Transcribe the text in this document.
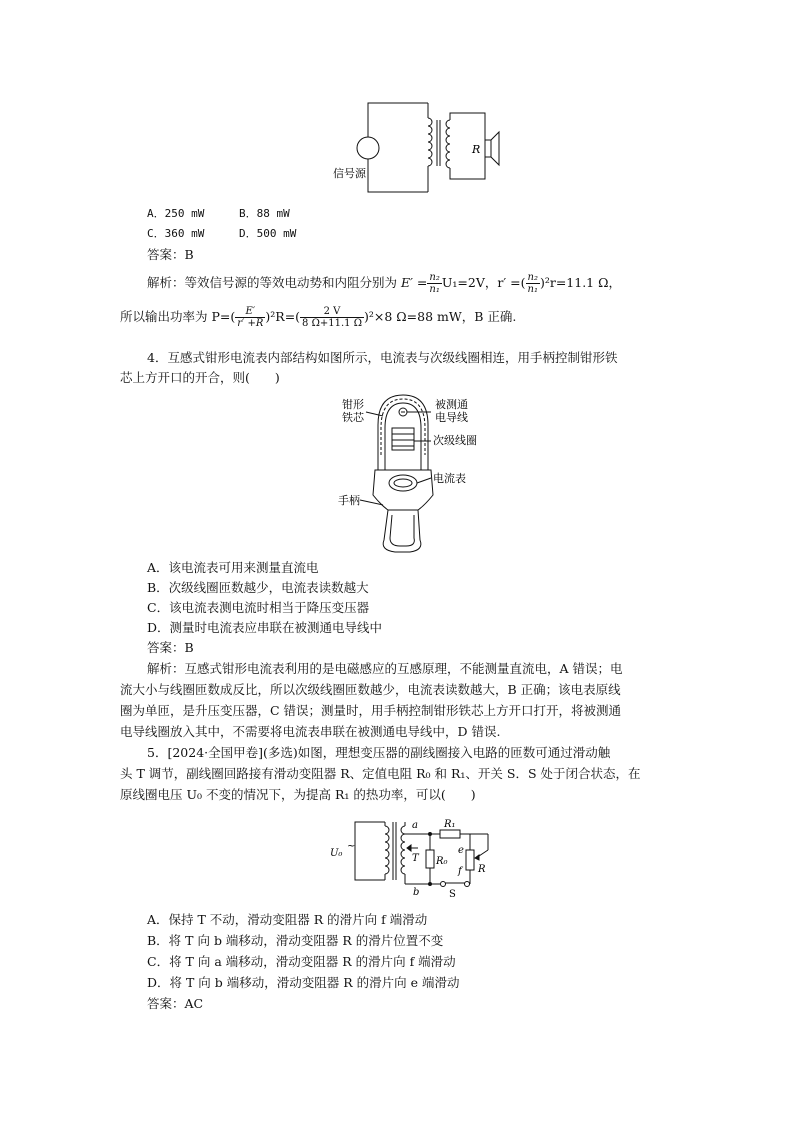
信号源
R
A．250 mW	B．88 mW
C．360 mW	D．500 mW
答案：B
解析：等效信号源的等效电动势和内阻分别为 $E' = \frac{\text{n₂}}{\text{n₁}} U_1=2V$，r′ =( $\frac{\text{n₂}}{\text{n₁}} )^2r=11.1$ Ω，
所以输出功率为 $P=( \frac{E'}{r' +R} )^2R=( \frac{2 V}{8 \Omega+11.1 \Omega} )^2\times 8$ Ω=88 mW，B 正确.
4．互感式钳形电流表内部结构如图所示，电流表与次级线圈相连，用手柄控制钳形铁
芯上方开口的开合，则(　　)
钳形
铁芯
被测通
电导线
次级线圈
电流表
手柄
A．该电流表可用来测量直流电
B．次级线圈匝数越少，电流表读数越大
C．该电流表测电流时相当于降压变压器
D．测量时电流表应串联在被测通电导线中
答案：B
解析：互感式钳形电流表利用的是电磁感应的互感原理，不能测量直流电，A 错误；电
流大小与线圈匝数成反比，所以次级线圈匝数越少，电流表读数越大，B 正确；该电表原线
圈为单匝，是升压变压器，C 错误；测量时，用手柄控制钳形铁芯上方开口打开，将被测通
电导线圈放入其中，不需要将电流表串联在被测通电导线中，D 错误.
5．[2024·全国甲卷](多选)如图，理想变压器的副线圈接入电路的匝数可通过滑动触
头 T 调节，副线圈回路接有滑动变阻器 R、定值电阻 R₀ 和 R₁、开关 S．S 处于闭合状态，在
原线圈电压 U₀ 不变的情况下，为提高 R₁ 的热功率，可以(　　)
U₀
~
a
b
T
R₁
R₀
e
f R
S
A．保持 T 不动，滑动变阻器 R 的滑片向 f 端滑动
B．将 T 向 b 端移动，滑动变阻器 R 的滑片位置不变
C．将 T 向 a 端移动，滑动变阻器 R 的滑片向 f 端滑动
D．将 T 向 b 端移动，滑动变阻器 R 的滑片向 e 端滑动
答案：AC
